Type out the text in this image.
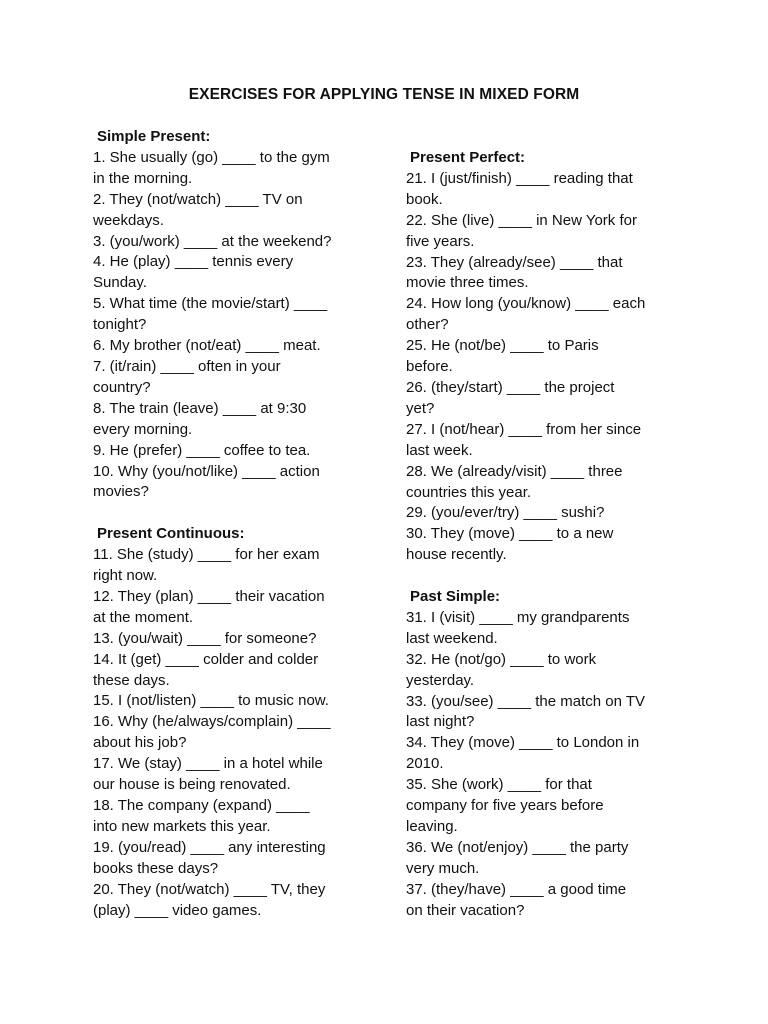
EXERCISES FOR APPLYING TENSE IN MIXED FORM
Simple Present:
1. She usually (go) ____ to the gym
in the morning.
2. They (not/watch) ____ TV on
weekdays.
3. (you/work) ____ at the weekend?
4. He (play) ____ tennis every
Sunday.
5. What time (the movie/start) ____
tonight?
6. My brother (not/eat) ____ meat.
7. (it/rain) ____ often in your
country?
8. The train (leave) ____ at 9:30
every morning.
9. He (prefer) ____ coffee to tea.
10. Why (you/not/like) ____ action
movies?
Present Continuous:
11. She (study) ____ for her exam
right now.
12. They (plan) ____ their vacation
at the moment.
13. (you/wait) ____ for someone?
14. It (get) ____ colder and colder
these days.
15. I (not/listen) ____ to music now.
16. Why (he/always/complain) ____
about his job?
17. We (stay) ____ in a hotel while
our house is being renovated.
18. The company (expand) ____
into new markets this year.
19. (you/read) ____ any interesting
books these days?
20. They (not/watch) ____ TV, they
(play) ____ video games.
Present Perfect:
21. I (just/finish) ____ reading that
book.
22. She (live) ____ in New York for
five years.
23. They (already/see) ____ that
movie three times.
24. How long (you/know) ____ each
other?
25. He (not/be) ____ to Paris
before.
26. (they/start) ____ the project
yet?
27. I (not/hear) ____ from her since
last week.
28. We (already/visit) ____ three
countries this year.
29. (you/ever/try) ____ sushi?
30. They (move) ____ to a new
house recently.
Past Simple:
31. I (visit) ____ my grandparents
last weekend.
32. He (not/go) ____ to work
yesterday.
33. (you/see) ____ the match on TV
last night?
34. They (move) ____ to London in
2010.
35. She (work) ____ for that
company for five years before
leaving.
36. We (not/enjoy) ____ the party
very much.
37. (they/have) ____ a good time
on their vacation?
